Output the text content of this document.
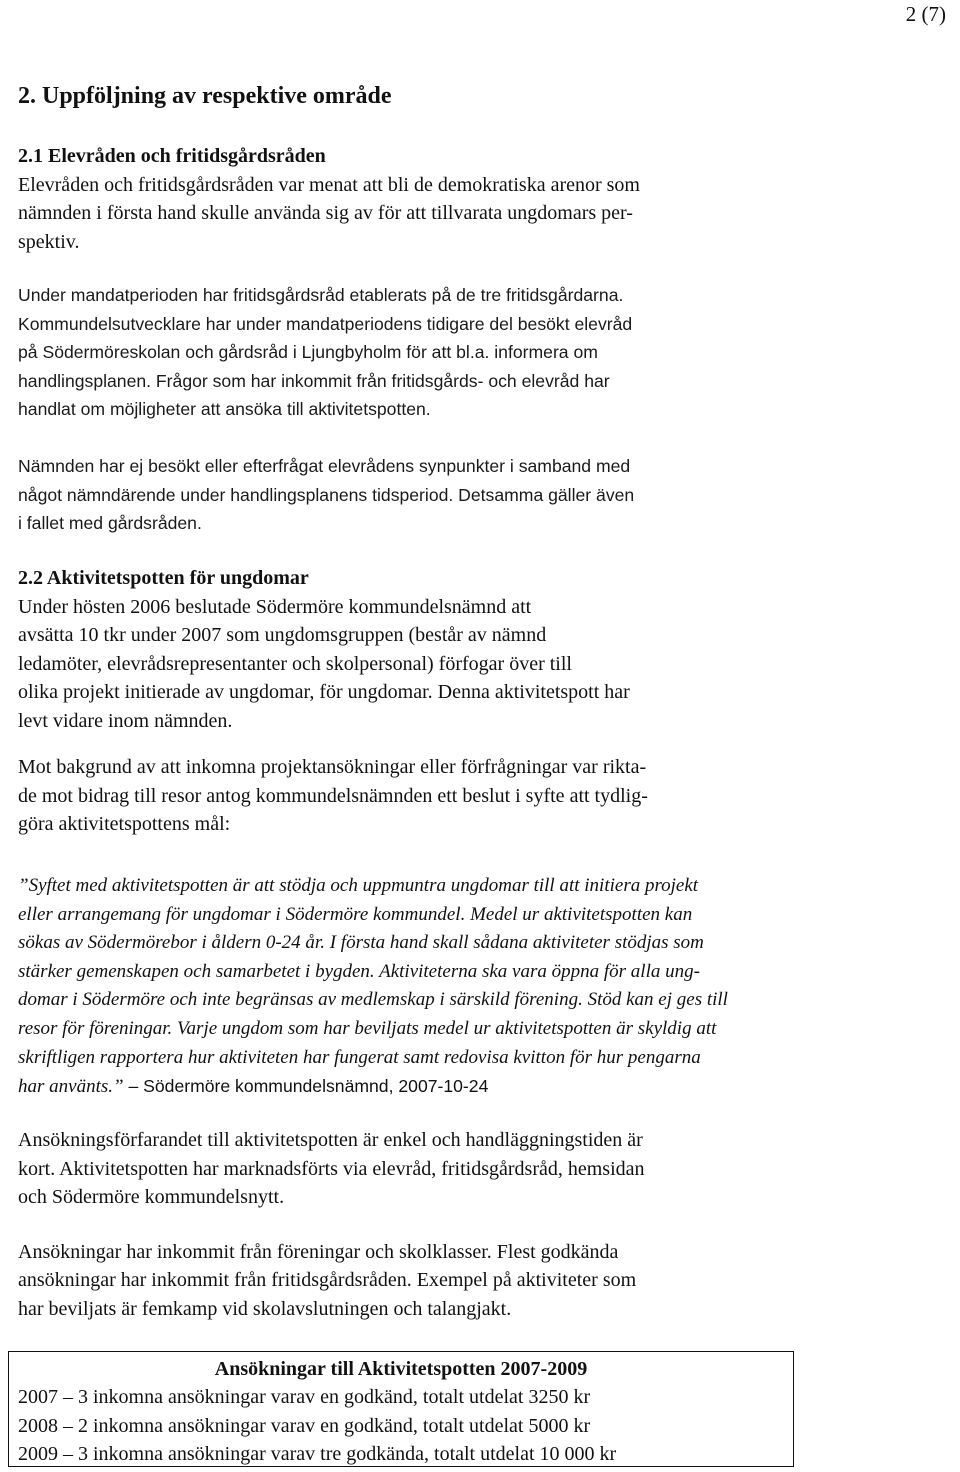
2 (7)
2. Uppföljning av respektive område
2.1 Elevråden och fritidsgårdsråden
Elevråden och fritidsgårdsråden var menat att bli de demokratiska arenor som
nämnden i första hand skulle använda sig av för att tillvarata ungdomars per-
spektiv.
Under mandatperioden har fritidsgårdsråd etablerats på de tre fritidsgårdarna.
Kommundelsutvecklare har under mandatperiodens tidigare del besökt elevråd
på Södermöreskolan och gårdsråd i Ljungbyholm för att bl.a. informera om
handlingsplanen. Frågor som har inkommit från fritidsgårds- och elevråd har
handlat om möjligheter att ansöka till aktivitetspotten.
Nämnden har ej besökt eller efterfrågat elevrådens synpunkter i samband med
något nämndärende under handlingsplanens tidsperiod. Detsamma gäller även
i fallet med gårdsråden.
2.2 Aktivitetspotten för ungdomar
Under hösten 2006 beslutade Södermöre kommundelsnämnd att
avsätta 10 tkr under 2007 som ungdomsgruppen (består av nämnd
ledamöter, elevrådsrepresentanter och skolpersonal) förfogar över till
olika projekt initierade av ungdomar, för ungdomar. Denna aktivitetspott har
levt vidare inom nämnden.
Mot bakgrund av att inkomna projektansökningar eller förfrågningar var rikta-
de mot bidrag till resor antog kommundelsnämnden ett beslut i syfte att tydlig-
göra aktivitetspottens mål:
”Syftet med aktivitetspotten är att stödja och uppmuntra ungdomar till att initiera projekt
eller arrangemang för ungdomar i Södermöre kommundel. Medel ur aktivitetspotten kan
sökas av Södermörebor i åldern 0-24 år. I första hand skall sådana aktiviteter stödjas som
stärker gemenskapen och samarbetet i bygden. Aktiviteterna ska vara öppna för alla ung-
domar i Södermöre och inte begränsas av medlemskap i särskild förening. Stöd kan ej ges till
resor för föreningar. Varje ungdom som har beviljats medel ur aktivitetspotten är skyldig att
skriftligen rapportera hur aktiviteten har fungerat samt redovisa kvitton för hur pengarna
har använts.” – Södermöre kommundelsnämnd, 2007-10-24
Ansökningsförfarandet till aktivitetspotten är enkel och handläggningstiden är
kort. Aktivitetspotten har marknadsförts via elevråd, fritidsgårdsråd, hemsidan
och Södermöre kommundelsnytt.
Ansökningar har inkommit från föreningar och skolklasser. Flest godkända
ansökningar har inkommit från fritidsgårdsråden. Exempel på aktiviteter som
har beviljats är femkamp vid skolavslutningen och talangjakt.
Ansökningar till Aktivitetspotten 2007-2009
2007 – 3 inkomna ansökningar varav en godkänd, totalt utdelat 3250 kr
2008 – 2 inkomna ansökningar varav en godkänd, totalt utdelat 5000 kr
2009 – 3 inkomna ansökningar varav tre godkända, totalt utdelat 10 000 kr
